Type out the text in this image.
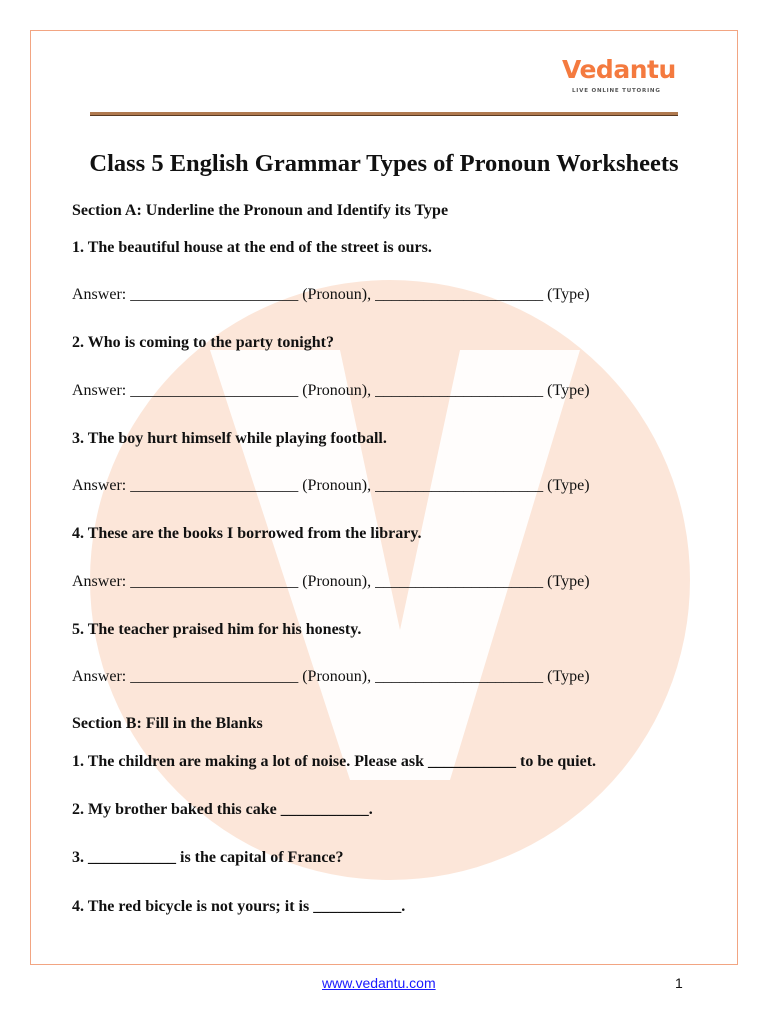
Vedantu
LIVE ONLINE TUTORING
Class 5 English Grammar Types of Pronoun Worksheets
Section A: Underline the Pronoun and Identify its Type
1. The beautiful house at the end of the street is ours.
Answer: _____________________ (Pronoun), _____________________ (Type)
2. Who is coming to the party tonight?
Answer: _____________________ (Pronoun), _____________________ (Type)
3. The boy hurt himself while playing football.
Answer: _____________________ (Pronoun), _____________________ (Type)
4. These are the books I borrowed from the library.
Answer: _____________________ (Pronoun), _____________________ (Type)
5. The teacher praised him for his honesty.
Answer: _____________________ (Pronoun), _____________________ (Type)
Section B: Fill in the Blanks
1. The children are making a lot of noise. Please ask ___________ to be quiet.
2. My brother baked this cake ___________.
3. ___________ is the capital of France?
4. The red bicycle is not yours; it is ___________.
www.vedantu.com	1
